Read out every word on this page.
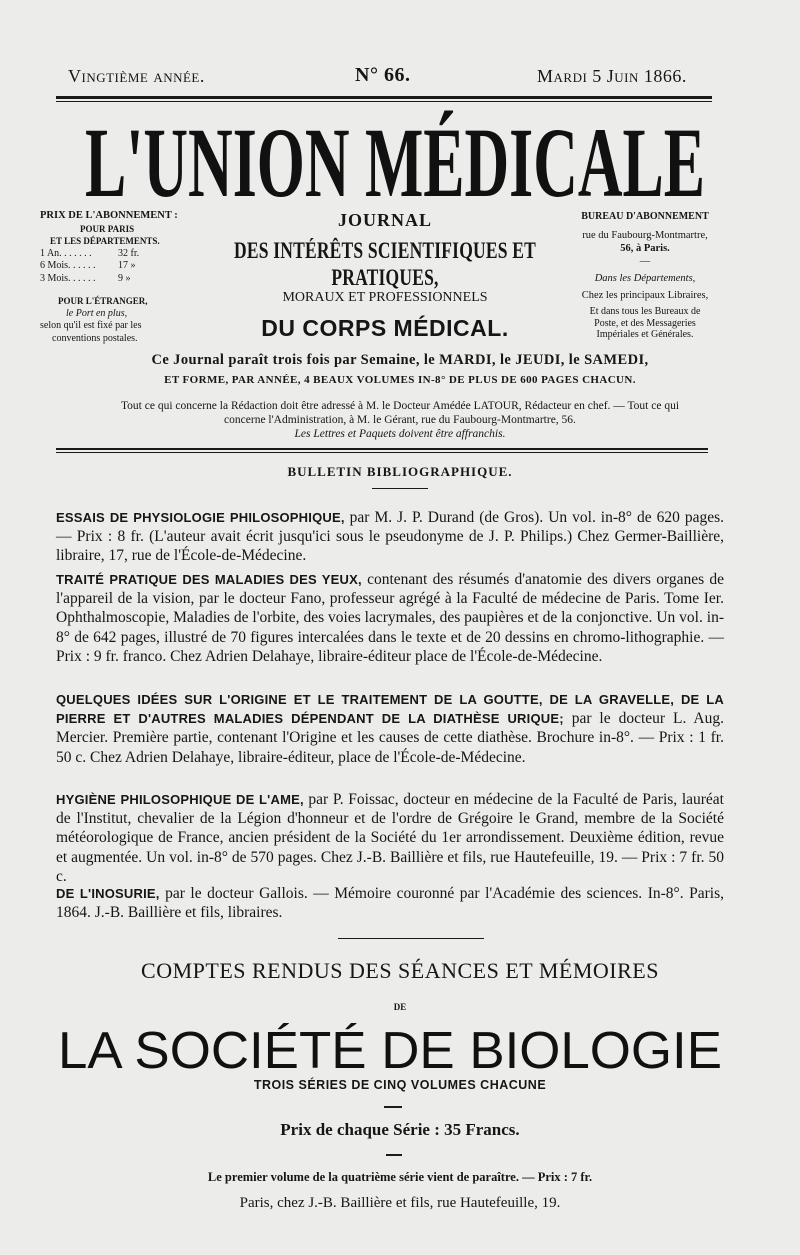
Vingtième année.	N° 66.	Mardi 5 Juin 1866.
L'UNION MÉDICALE
PRIX DE L'ABONNEMENT :
POUR PARIS
ET LES DÉPARTEMENTS.
1 An. . . . . . .	32 fr.
6 Mois. . . . . .	17 »
3 Mois. . . . . .	9 »
POUR L'ÉTRANGER,
le Port en plus,
selon qu'il est fixé par les
conventions postales.
JOURNAL
DES INTÉRÊTS SCIENTIFIQUES ET PRATIQUES,
MORAUX ET PROFESSIONNELS
DU CORPS MÉDICAL.
BUREAU D'ABONNEMENT
rue du Faubourg-Montmartre,
56, à Paris.
—
Dans les Départements,
Chez les principaux Libraires,
Et dans tous les Bureaux de
Poste, et des Messageries
Impériales et Générales.
Ce Journal paraît trois fois par Semaine, le MARDI, le JEUDI, le SAMEDI,
ET FORME, PAR ANNÉE, 4 BEAUX VOLUMES IN-8° DE PLUS DE 600 PAGES CHACUN.
Tout ce qui concerne la Rédaction doit être adressé à M. le Docteur Amédée LATOUR, Rédacteur en chef. — Tout ce qui
concerne l'Administration, à M. le Gérant, rue du Faubourg-Montmartre, 56.
Les Lettres et Paquets doivent être affranchis.
BULLETIN BIBLIOGRAPHIQUE.
ESSAIS DE PHYSIOLOGIE PHILOSOPHIQUE, par M. J. P. Durand (de Gros). Un vol. in-8° de 620 pages. — Prix : 8 fr. (L'auteur avait écrit jusqu'ici sous le pseudonyme de J. P. Philips.) Chez Germer-Baillière, libraire, 17, rue de l'École-de-Médecine.
TRAITÉ PRATIQUE DES MALADIES DES YEUX, contenant des résumés d'anatomie des divers organes de l'appareil de la vision, par le docteur Fano, professeur agrégé à la Faculté de médecine de Paris. Tome Ier. Ophthalmoscopie, Maladies de l'orbite, des voies lacrymales, des paupières et de la conjonctive. Un vol. in-8° de 642 pages, illustré de 70 figures intercalées dans le texte et de 20 dessins en chromo-lithographie. — Prix : 9 fr. franco. Chez Adrien Delahaye, libraire-éditeur place de l'École-de-Médecine.
QUELQUES IDÉES SUR L'ORIGINE ET LE TRAITEMENT DE LA GOUTTE, DE LA GRAVELLE, DE LA PIERRE ET D'AUTRES MALADIES DÉPENDANT DE LA DIATHÈSE URIQUE; par le docteur L. Aug. Mercier. Première partie, contenant l'Origine et les causes de cette diathèse. Brochure in-8°. — Prix : 1 fr. 50 c. Chez Adrien Delahaye, libraire-éditeur, place de l'École-de-Médecine.
HYGIÈNE PHILOSOPHIQUE DE L'AME, par P. Foissac, docteur en médecine de la Faculté de Paris, lauréat de l'Institut, chevalier de la Légion d'honneur et de l'ordre de Grégoire le Grand, membre de la Société météorologique de France, ancien président de la Société du 1er arrondissement. Deuxième édition, revue et augmentée. Un vol. in-8° de 570 pages. Chez J.-B. Baillière et fils, rue Hautefeuille, 19. — Prix : 7 fr. 50 c.
DE L'INOSURIE, par le docteur Gallois. — Mémoire couronné par l'Académie des sciences. In-8°. Paris, 1864. J.-B. Baillière et fils, libraires.
COMPTES RENDUS DES SÉANCES ET MÉMOIRES
DE
LA SOCIÉTÉ DE BIOLOGIE
TROIS SÉRIES DE CINQ VOLUMES CHACUNE
Prix de chaque Série : 35 Francs.
Le premier volume de la quatrième série vient de paraître. — Prix : 7 fr.
Paris, chez J.-B. Baillière et fils, rue Hautefeuille, 19.
